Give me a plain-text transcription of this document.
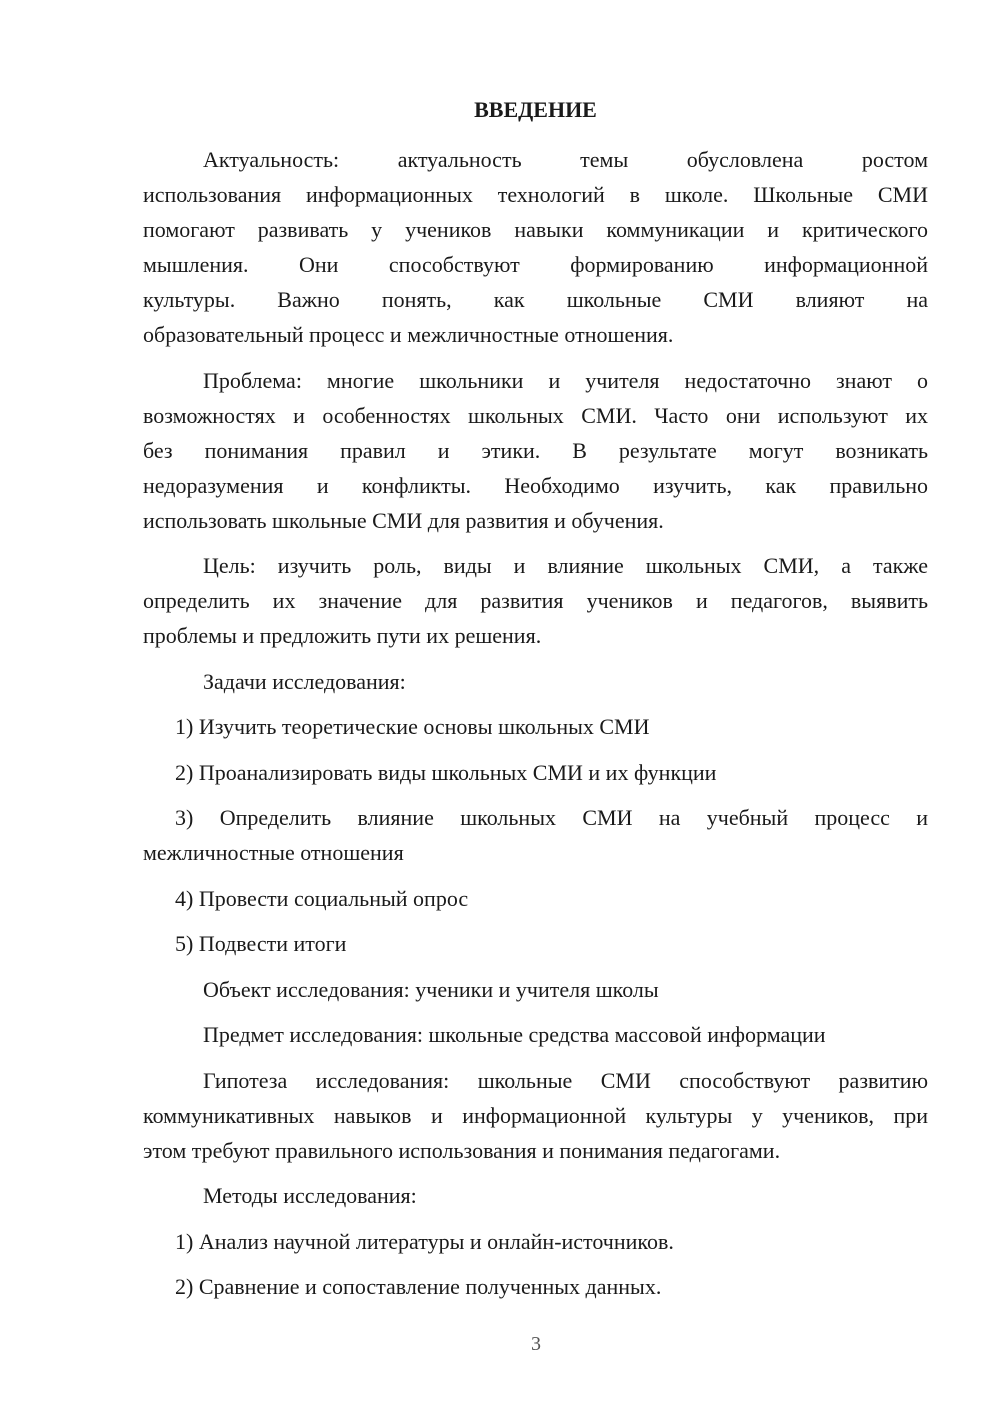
ВВЕДЕНИЕ
Актуальность: актуальность темы обусловлена ростом
использования информационных технологий в школе. Школьные СМИ
помогают развивать у учеников навыки коммуникации и критического
мышления. Они способствуют формированию информационной
культуры. Важно понять, как школьные СМИ влияют на
образовательный процесс и межличностные отношения.
Проблема: многие школьники и учителя недостаточно знают о
возможностях и особенностях школьных СМИ. Часто они используют их
без понимания правил и этики. В результате могут возникать
недоразумения и конфликты. Необходимо изучить, как правильно
использовать школьные СМИ для развития и обучения.
Цель: изучить роль, виды и влияние школьных СМИ, а также
определить их значение для развития учеников и педагогов, выявить
проблемы и предложить пути их решения.
Задачи исследования:
1) Изучить теоретические основы школьных СМИ
2) Проанализировать виды школьных СМИ и их функции
3) Определить влияние школьных СМИ на учебный процесс и
межличностные отношения
4) Провести социальный опрос
5) Подвести итоги
Объект исследования: ученики и учителя школы
Предмет исследования: школьные средства массовой информации
Гипотеза исследования: школьные СМИ способствуют развитию
коммуникативных навыков и информационной культуры у учеников, при
этом требуют правильного использования и понимания педагогами.
Методы исследования:
1) Анализ научной литературы и онлайн-источников.
2) Сравнение и сопоставление полученных данных.
3
